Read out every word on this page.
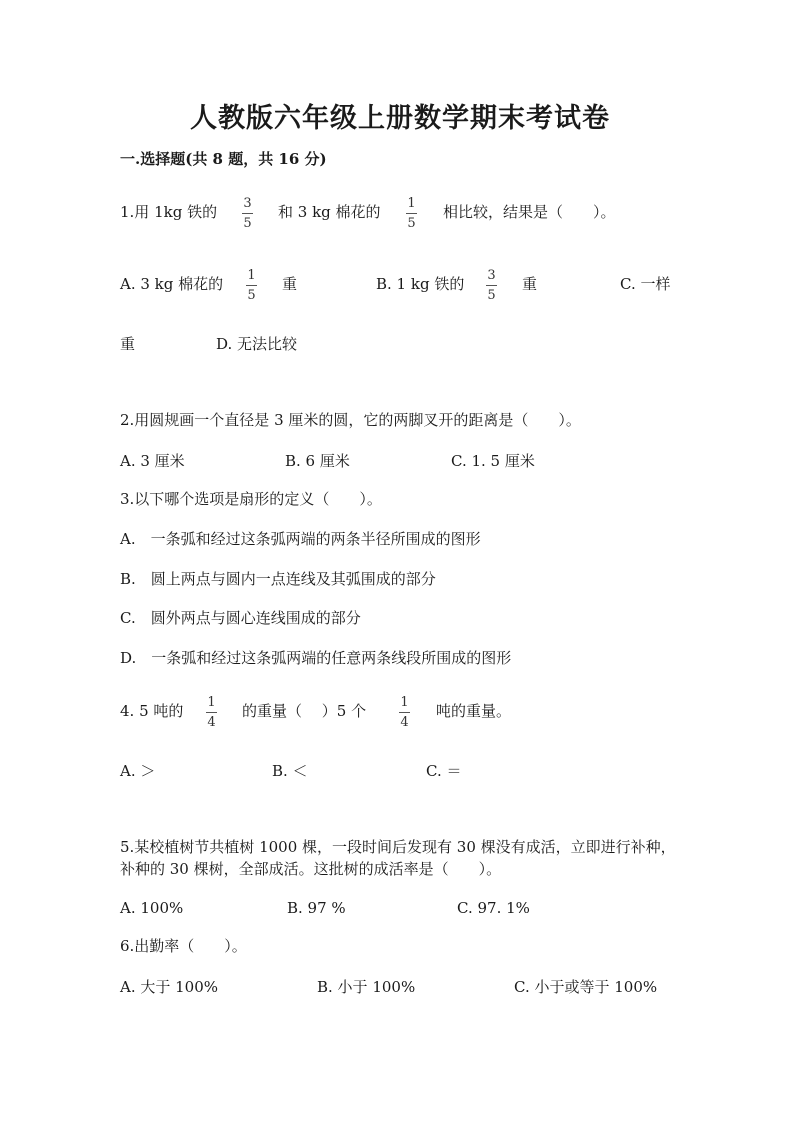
人教版六年级上册数学期末考试卷
一.选择题(共 8 题，共 16 分)
1.用 1kg 铁的 3
5
和 3 kg 棉花的 1
5
相比较，结果是（　　）。
A. 3 kg 棉花的 1
5
重	B. 1 kg 铁的 3
5
重	C. 一样
重	D. 无法比较
2.用圆规画一个直径是 3 厘米的圆，它的两脚叉开的距离是（　　）。
A. 3 厘米	B. 6 厘米	C. 1. 5 厘米
3.以下哪个选项是扇形的定义（　　）。
A.　一条弧和经过这条弧两端的两条半径所围成的图形
B.　圆上两点与圆内一点连线及其弧围成的部分
C.　圆外两点与圆心连线围成的部分
D.　一条弧和经过这条弧两端的任意两条线段所围成的图形
4. 5 吨的 1
4
的重量（　 ）5 个	1
4
吨的重量。
A. ＞	B. ＜	C. ＝
5.某校植树节共植树 1000 棵，一段时间后发现有 30 棵没有成活，立即进行补种，补种的 30 棵树，全部成活。这批树的成活率是（　　）。
A. 100%	B. 97 %	C. 97. 1%
6.出勤率（　　）。
A. 大于 100%	B. 小于 100%	C. 小于或等于 100%
